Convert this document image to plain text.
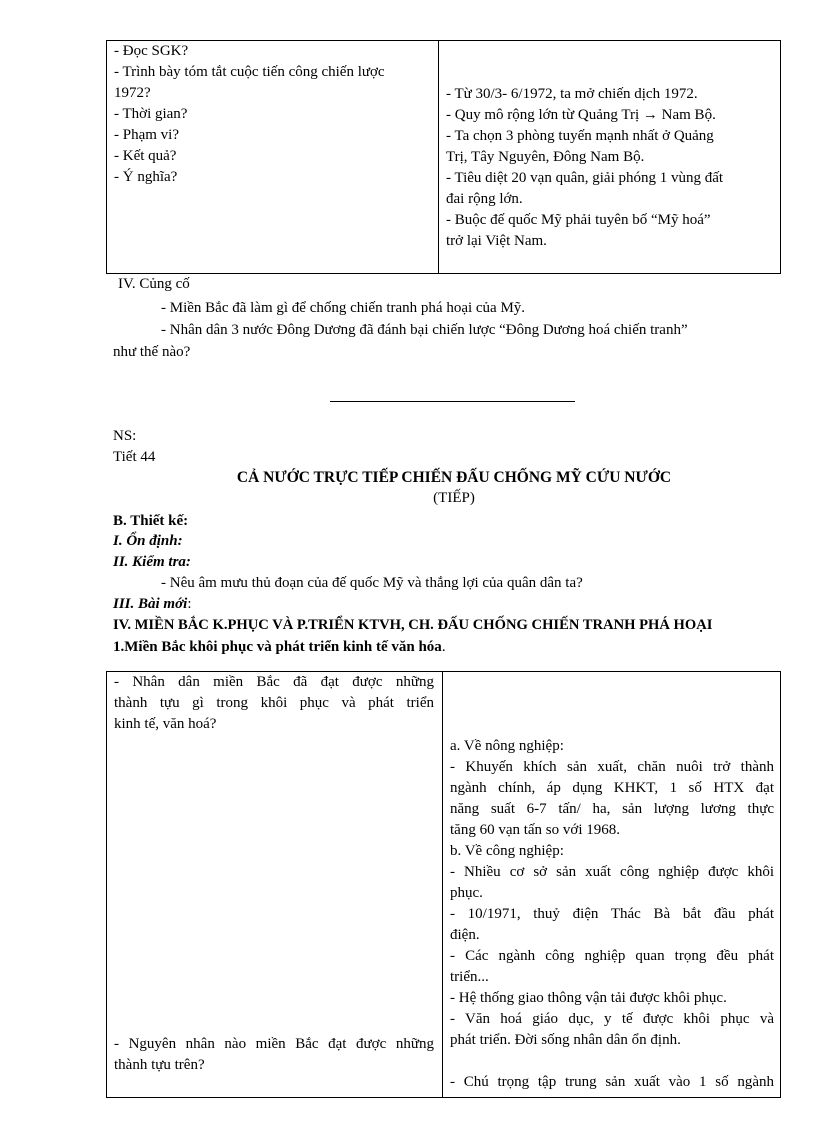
- Đọc SGK?
- Trình bày tóm tắt cuộc tiến công chiến lược
1972?
- Thời gian?
- Phạm vi?
- Kết quả?
- Ý nghĩa?
- Từ 30/3- 6/1972, ta mở chiến dịch 1972.
- Quy mô rộng lớn từ Quảng Trị → Nam Bộ.
- Ta chọn 3 phòng tuyến mạnh nhất ở Quảng
Trị, Tây Nguyên, Đông Nam Bộ.
- Tiêu diệt 20 vạn quân, giải phóng 1 vùng đất
đai rộng lớn.
- Buộc đế quốc Mỹ phải tuyên bố “Mỹ hoá”
trở lại Việt Nam.
IV. Củng cố
- Miền Bắc đã làm gì để chống chiến tranh phá hoại của Mỹ.
- Nhân dân 3 nước Đông Dương đã đánh bại chiến lược “Đông Dương hoá chiến tranh”
như thế nào?
NS:
Tiết 44
CẢ NƯỚC TRỰC TIẾP CHIẾN ĐẤU CHỐNG MỸ CỨU NƯỚC
(TIẾP)
B. Thiết kế:
I. Ổn định:
II. Kiểm tra:
- Nêu âm mưu thủ đoạn của đế quốc Mỹ và thắng lợi của quân dân ta?
III. Bài mới:
IV. MIỀN BẮC K.PHỤC VÀ P.TRIỂN KTVH, CH. ĐẤU CHỐNG CHIẾN TRANH PHÁ HOẠI
1.Miền Bắc khôi phục và phát triển kinh tế văn hóa.
- Nhân dân miền Bắc đã đạt được những
thành tựu gì trong khôi phục và phát triển
kinh tế, văn hoá?
- Nguyên nhân nào miền Bắc đạt được những
thành tựu trên?
a. Về nông nghiệp:
- Khuyến khích sản xuất, chăn nuôi trở thành
ngành chính, áp dụng KHKT, 1 số HTX đạt
năng suất 6-7 tấn/ ha, sản lượng lương thực
tăng 60 vạn tấn so với 1968.
b. Về công nghiệp:
- Nhiều cơ sở sản xuất công nghiệp được khôi
phục.
- 10/1971, thuỷ điện Thác Bà bắt đầu phát
điện.
- Các ngành công nghiệp quan trọng đều phát
triển...
- Hệ thống giao thông vận tải được khôi phục.
- Văn hoá giáo dục, y tế được khôi phục và
phát triển. Đời sống nhân dân ổn định.
- Chú trọng tập trung sản xuất vào 1 số ngành
